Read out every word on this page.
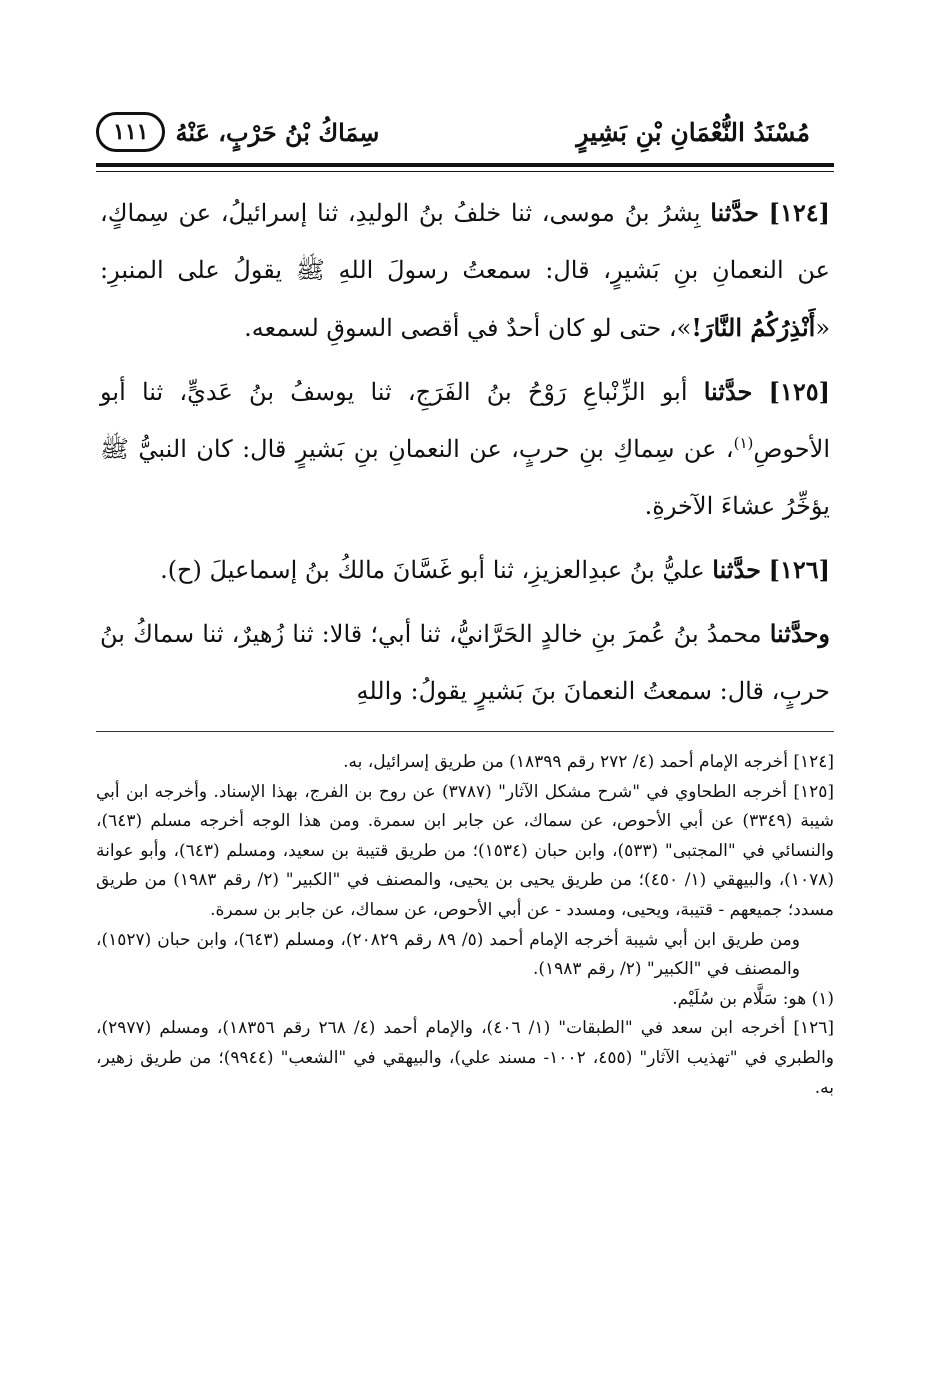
مُسْنَدُ النُّعْمَانِ بْنِ بَشِيرٍ
سِمَاكُ بْنُ حَرْبٍ، عَنْهُ
١١١

[١٢٤] حدَّثنا بِشرُ بنُ موسى، ثنا خلفُ بنُ الوليدِ، ثنا إسرائيلُ، عن سِماكٍ، عن النعمانِ بنِ بَشيرٍ، قال: سمعتُ رسولَ اللهِ ﷺ يقولُ على المنبرِ: «أَنْذِرُكُمُ النَّارَ!»، حتى لو كان أحدٌ في أقصى السوقِ لسمعه.

[١٢٥] حدَّثنا أبو الزِّنْباعِ رَوْحُ بنُ الفَرَجِ، ثنا يوسفُ بنُ عَديٍّ، ثنا أبو الأحوصِ$^{(١)}$، عن سِماكِ بنِ حربٍ، عن النعمانِ بنِ بَشيرٍ قال: كان النبيُّ ﷺ يؤخِّرُ عشاءَ الآخرةِ.

[١٢٦] حدَّثنا عليُّ بنُ عبدِالعزيزِ، ثنا أبو غَسَّانَ مالكُ بنُ إسماعيلَ (ح).

وحدَّثنا محمدُ بنُ عُمرَ بنِ خالدٍ الحَرَّانيُّ، ثنا أبي؛ قالا: ثنا زُهيرٌ، ثنا سماكُ بنُ حربٍ، قال: سمعتُ النعمانَ بنَ بَشيرٍ يقولُ: واللهِ

[١٢٤] أخرجه الإمام أحمد (٤/ ٢٧٢ رقم ١٨٣٩٩) من طريق إسرائيل، به.

[١٢٥] أخرجه الطحاوي في "شرح مشكل الآثار" (٣٧٨٧) عن روح بن الفرج، بهذا الإسناد. وأخرجه ابن أبي شيبة (٣٣٤٩) عن أبي الأحوص، عن سماك، عن جابر ابن سمرة. ومن هذا الوجه أخرجه مسلم (٦٤٣)، والنسائي في "المجتبى" (٥٣٣)، وابن حبان (١٥٣٤)؛ من طريق قتيبة بن سعيد، ومسلم (٦٤٣)، وأبو عوانة (١٠٧٨)، والبيهقي (١/ ٤٥٠)؛ من طريق يحيى بن يحيى، والمصنف في "الكبير" (٢/ رقم ١٩٨٣) من طريق مسدد؛ جميعهم - قتيبة، ويحيى، ومسدد - عن أبي الأحوص، عن سماك، عن جابر بن سمرة.

ومن طريق ابن أبي شيبة أخرجه الإمام أحمد (٥/ ٨٩ رقم ٢٠٨٢٩)، ومسلم (٦٤٣)، وابن حبان (١٥٢٧)، والمصنف في "الكبير" (٢/ رقم ١٩٨٣).

(١) هو: سَلَّام بن سُلَيْم.

[١٢٦] أخرجه ابن سعد في "الطبقات" (١/ ٤٠٦)، والإمام أحمد (٤/ ٢٦٨ رقم ١٨٣٥٦)، ومسلم (٢٩٧٧)، والطبري في "تهذيب الآثار" (٤٥٥، ١٠٠٢- مسند علي)، والبيهقي في "الشعب" (٩٩٤٤)؛ من طريق زهير، به.
